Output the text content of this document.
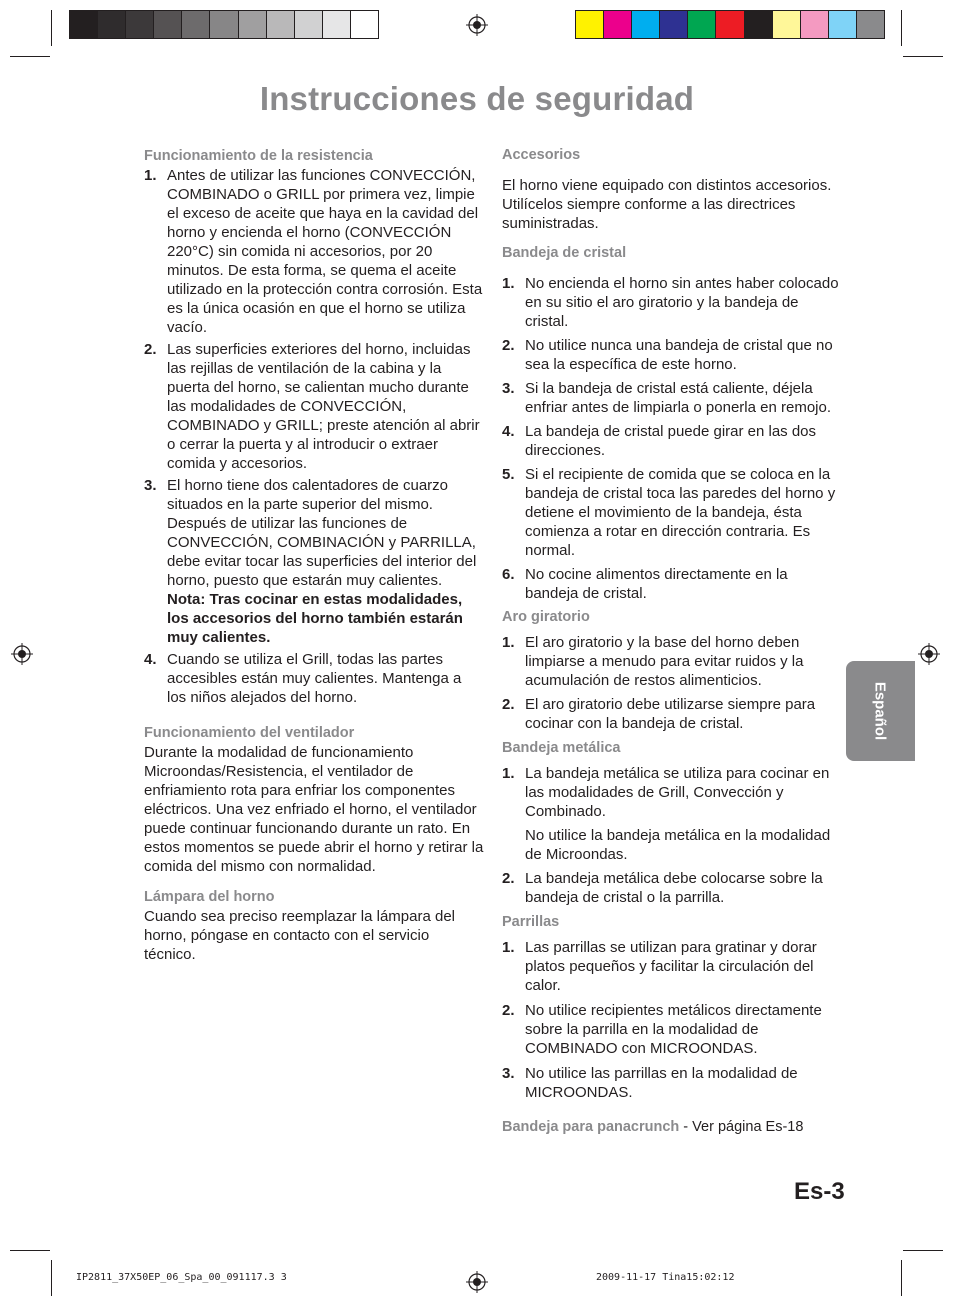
Instrucciones de seguridad

Funcionamiento de la resistencia

1. Antes de utilizar las funciones CONVECCIÓN, COMBINADO o GRILL por primera vez, limpie el exceso de aceite que haya en la cavidad del horno y encienda el horno (CONVECCIÓN 220°C) sin comida ni accesorios, por 20 minutos. De esta forma, se quema el aceite utilizado en la protección contra corrosión. Esta es la única ocasión en que el horno se utiliza vacío.
2. Las superficies exteriores del horno, incluidas las rejillas de ventilación de la cabina y la puerta del horno, se calientan mucho durante las modalidades de CONVECCIÓN, COMBINADO y GRILL; preste atención al abrir o cerrar la puerta y al introducir o extraer comida y accesorios.
3. El horno tiene dos calentadores de cuarzo situados en la parte superior del mismo. Después de utilizar las funciones de CONVECCIÓN, COMBINACIÓN y PARRILLA, debe evitar tocar las superficies del interior del horno, puesto que estarán muy calientes.
Nota: Tras cocinar en estas modalidades, los accesorios del horno también estarán muy calientes.
4. Cuando se utiliza el Grill, todas las partes accesibles están muy calientes. Mantenga a los niños alejados del horno.

Funcionamiento del ventilador

Durante la modalidad de funcionamiento Microondas/Resistencia, el ventilador de enfriamiento rota para enfriar los componentes eléctricos. Una vez enfriado el horno, el ventilador puede continuar funcionando durante un rato. En estos momentos se puede abrir el horno y retirar la comida del mismo con normalidad.

Lámpara del horno

Cuando sea preciso reemplazar la lámpara del horno, póngase en contacto con el servicio técnico.

Accesorios

El horno viene equipado con distintos accesorios. Utilícelos siempre conforme a las directrices suministradas.

Bandeja de cristal

1. No encienda el horno sin antes haber colocado en su sitio el aro giratorio y la bandeja de cristal.
2. No utilice nunca una bandeja de cristal que no sea la específica de este horno.
3. Si la bandeja de cristal está caliente, déjela enfriar antes de limpiarla o ponerla en remojo.
4. La bandeja de cristal puede girar en las dos direcciones.
5. Si el recipiente de comida que se coloca en la bandeja de cristal toca las paredes del horno y detiene el movimiento de la bandeja, ésta comienza a rotar en dirección contraria. Es normal.
6. No cocine alimentos directamente en la bandeja de cristal.

Aro giratorio

1. El aro giratorio y la base del horno deben limpiarse a menudo para evitar ruidos y la acumulación de restos alimenticios.
2. El aro giratorio debe utilizarse siempre para cocinar con la bandeja de cristal.

Bandeja metálica

1. La bandeja metálica se utiliza para cocinar en las modalidades de Grill, Convección y Combinado.
No utilice la bandeja metálica en la modalidad de Microondas.
2. La bandeja metálica debe colocarse sobre la bandeja de cristal o la parrilla.

Parrillas

1. Las parrillas se utilizan para gratinar y dorar platos pequeños y facilitar la circulación del calor.
2. No utilice recipientes metálicos directamente sobre la parrilla en la modalidad de COMBINADO con MICROONDAS.
3. No utilice las parrillas en la modalidad de MICROONDAS.

Bandeja para panacrunch - Ver página Es-18

Español
Es-3
IP2811_37X50EP_06_Spa_00_091117.3 3	2009-11-17 Tina15:02:12
